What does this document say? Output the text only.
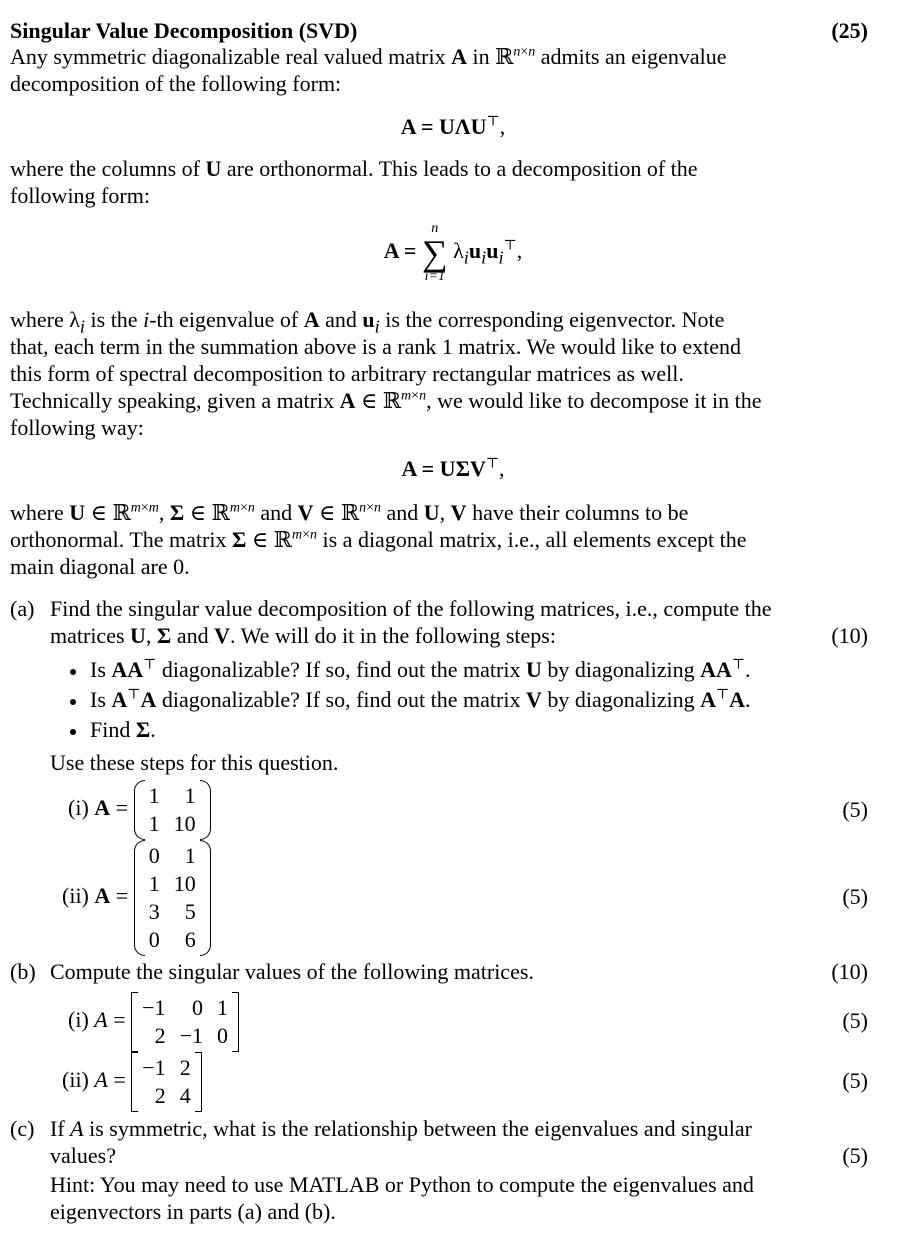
Singular Value Decomposition (SVD)	(25)
Any symmetric diagonalizable real valued matrix A in ℝ$^{n\times n}$ admits an eigenvalue
decomposition of the following form:
A = UΛU⊤,
where the columns of U are orthonormal. This leads to a decomposition of the
following form:
A =
n
∑
i=1
$\lambda_iu_iu_i^⊤$,
where $\lambda_i$ is the i-th eigenvalue of A and $u_i$ is the corresponding eigenvector. Note
that, each term in the summation above is a rank 1 matrix. We would like to extend
this form of spectral decomposition to arbitrary rectangular matrices as well.
Technically speaking, given a matrix A ∈ ℝ$^{m\times n}$, we would like to decompose it in the
following way:
A = UΣV⊤,
where U ∈ ℝ$^{m\times m}$, Σ ∈ ℝ$^{m\times n}$ and V ∈ ℝ$^{n\times n}$ and U, V have their columns to be
orthonormal. The matrix Σ ∈ ℝ$^{m\times n}$ is a diagonal matrix, i.e., all elements except the
main diagonal are 0.
(a) Find the singular value decomposition of the following matrices, i.e., compute the
matrices U, Σ and V. We will do it in the following steps:	(10)
Is AA⊤ diagonalizable? If so, find out the matrix U by diagonalizing AA⊤.
Is A⊤A diagonalizable? If so, find out the matrix V by diagonalizing A⊤A.
Find Σ.
Use these steps for this question.
(i) A = 1	1
1 10
(5)
(ii) A =
0	1
1 10
3	5
0	6
(5)
(b) Compute the singular values of the following matrices.	(10)
(i) A = −1	0 1
2 −1 0
(5)
(ii) A = −1 2
2 4
(5)
(c) If A is symmetric, what is the relationship between the eigenvalues and singular
values?	(5)
Hint: You may need to use MATLAB or Python to compute the eigenvalues and
eigenvectors in parts (a) and (b).
